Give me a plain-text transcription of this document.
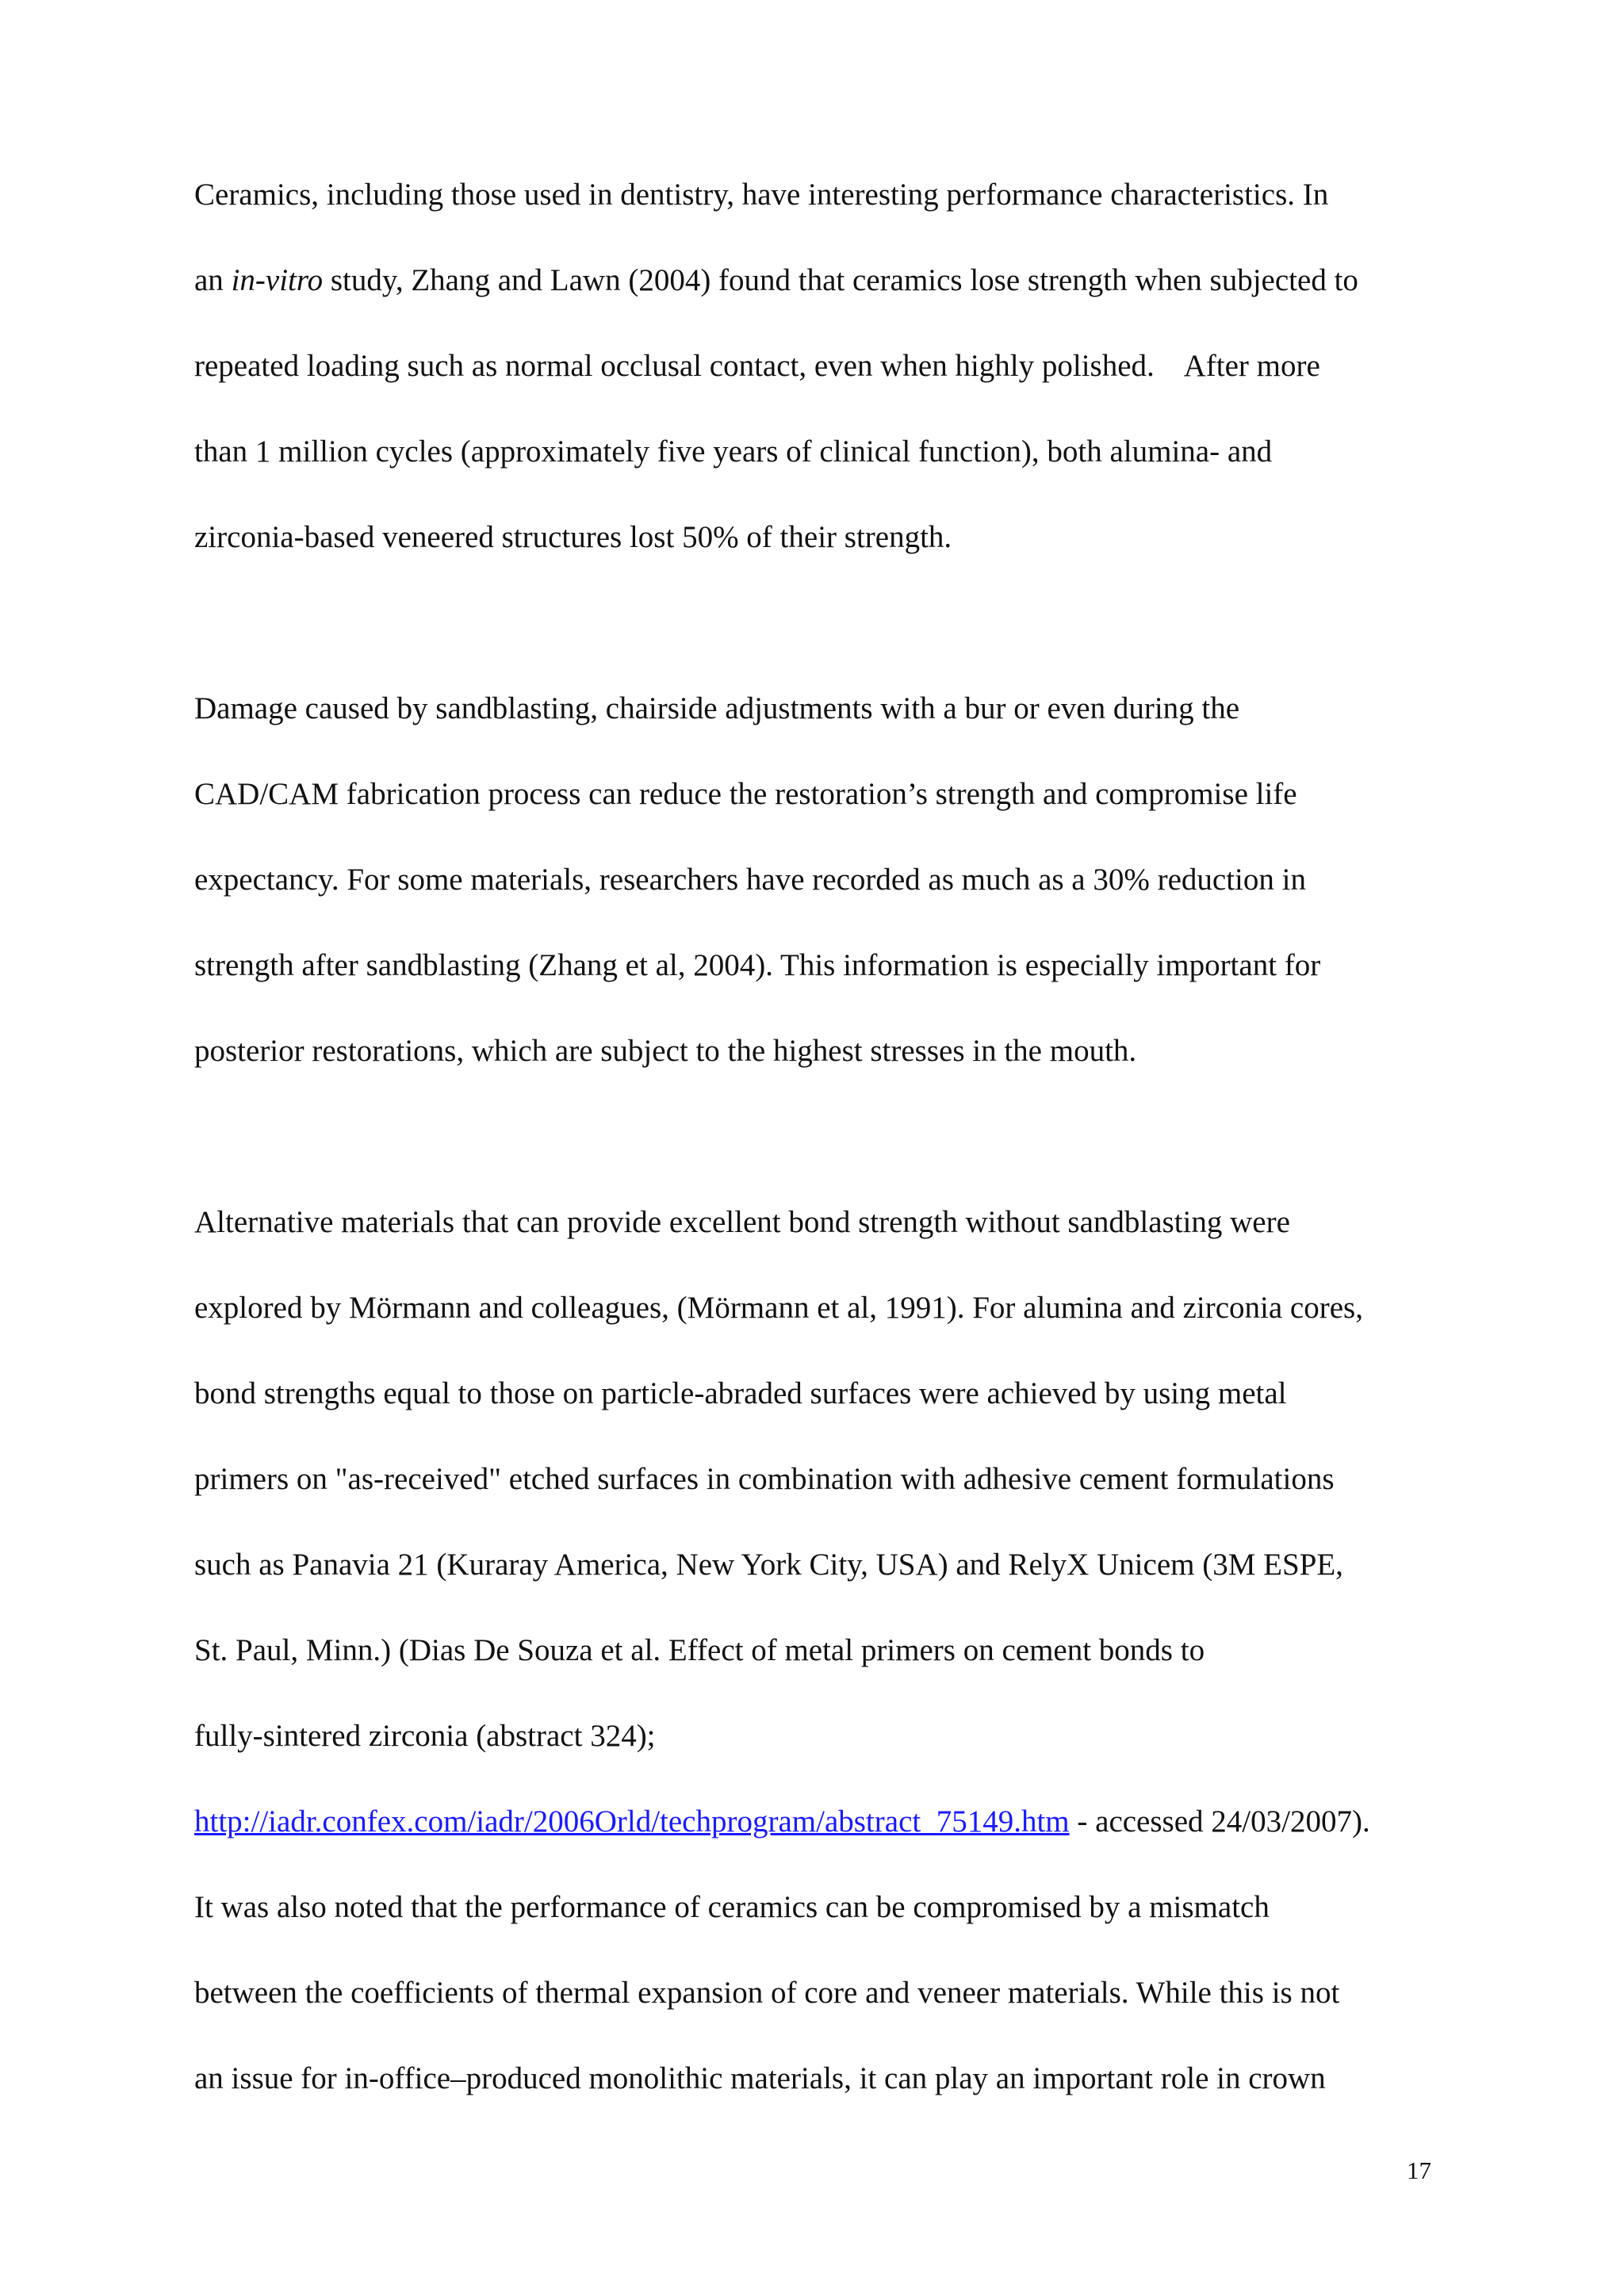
Ceramics, including those used in dentistry, have interesting performance characteristics. In

an in-vitro study, Zhang and Lawn (2004) found that ceramics lose strength when subjected to

repeated loading such as normal occlusal contact, even when highly polished.    After more

than 1 million cycles (approximately five years of clinical function), both alumina- and

zirconia-based veneered structures lost 50% of their strength.

Damage caused by sandblasting, chairside adjustments with a bur or even during the

CAD/CAM fabrication process can reduce the restoration’s strength and compromise life

expectancy. For some materials, researchers have recorded as much as a 30% reduction in

strength after sandblasting (Zhang et al, 2004). This information is especially important for

posterior restorations, which are subject to the highest stresses in the mouth.

Alternative materials that can provide excellent bond strength without sandblasting were

explored by Mörmann and colleagues, (Mörmann et al, 1991). For alumina and zirconia cores,

bond strengths equal to those on particle-abraded surfaces were achieved by using metal

primers on "as-received" etched surfaces in combination with adhesive cement formulations

such as Panavia 21 (Kuraray America, New York City, USA) and RelyX Unicem (3M ESPE,

St. Paul, Minn.) (Dias De Souza et al. Effect of metal primers on cement bonds to

fully-sintered zirconia (abstract 324);

http://iadr.confex.com/iadr/2006Orld/techprogram/abstract_75149.htm - accessed 24/03/2007).

It was also noted that the performance of ceramics can be compromised by a mismatch

between the coefficients of thermal expansion of core and veneer materials. While this is not

an issue for in-office–produced monolithic materials, it can play an important role in crown

17
